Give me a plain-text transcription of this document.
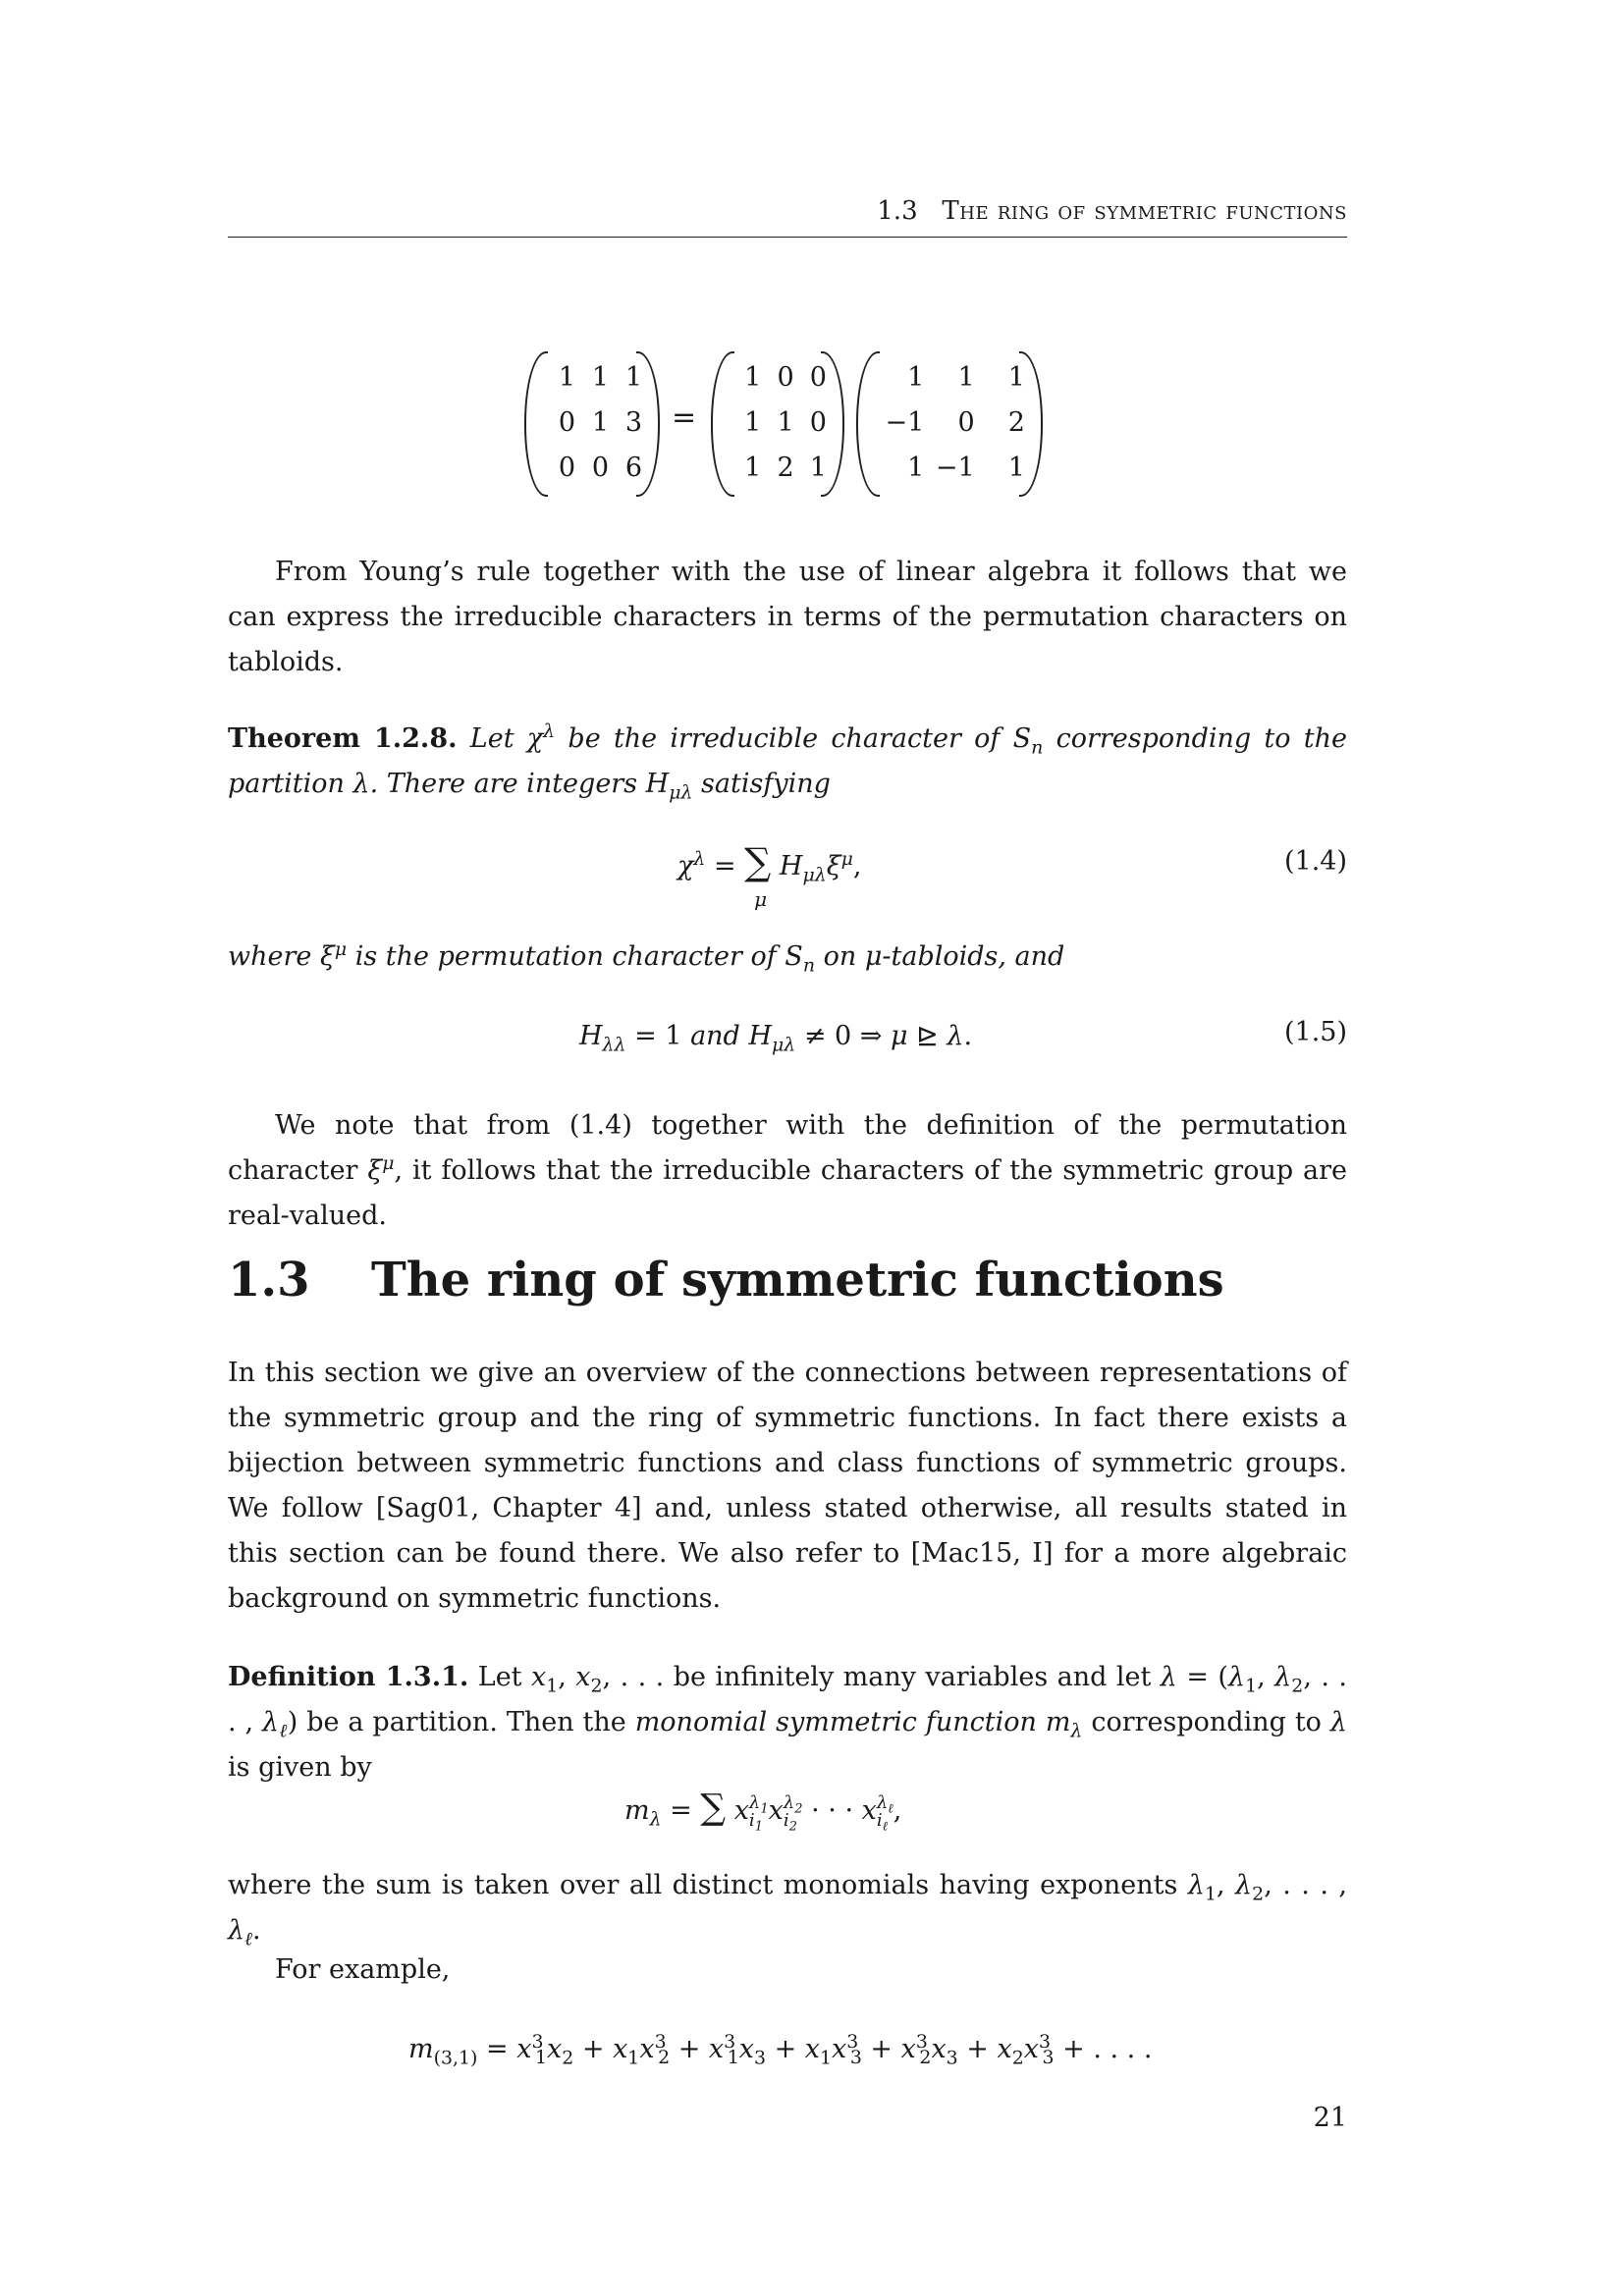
1.3 The ring of symmetric functions
1 1 1
0 1 3
0 0 6
=
1 0 0
1 1 0
1 2 1
1	1	1
−1	0	2
1 −1	1
From Young’s rule together with the use of linear algebra it follows that we can express the irreducible characters in terms of the permutation characters on tabloids.
Theorem 1.2.8. Let $\chi^\lambda$ be the irreducible character of $S_n$ corresponding to the partition λ. There are integers $H_{\mu\lambda}$ satisfying
$\chi^\lambda$ = ∑
μ
$H_{\mu\lambda}\xi^\mu$,	(1.4)
where $\xi^\mu$ is the permutation character of $S_n$ on μ-tabloids, and
$H_{\lambda\lambda} = 1$ and $H_{\mu\lambda} \ne 0$ ⇒ μ ⊵ λ.	(1.5)
We note that from (1.4) together with the definition of the permutation character $\xi^\mu$, it follows that the irreducible characters of the symmetric group are real-valued.
1.3 The ring of symmetric functions
In this section we give an overview of the connections between representations of the symmetric group and the ring of symmetric functions. In fact there exists a bijection between symmetric functions and class functions of symmetric groups. We follow [Sag01, Chapter 4] and, unless stated otherwise, all results stated in this section can be found there. We also refer to [Mac15, I] for a more algebraic background on symmetric functions.
Definition 1.3.1. Let $x_1$, $x_2$, . . . be infinitely many variables and let $\lambda = (\lambda_1$, $\lambda_2$, . . . , $\lambda_\ell$) be a partition. Then the monomial symmetric function $m_\lambda$ corresponding to λ is given by
$m_\lambda$ = ∑ x $\lambda_1$
$i_1$
x $\lambda_2$
$i_2$
· · · x $\lambda_\ell$
$i_\ell$
,
where the sum is taken over all distinct monomials having exponents $\lambda_1$, $\lambda_2$, . . . , $\lambda_\ell$.
For example,
$m_{(3,1)} = x^3_1x_2 + x_1x^3_2 + x^3_1x_3 + x_1x^3_3 + x^3_2x_3 + x_2x^3_3$ + . . . .
21
